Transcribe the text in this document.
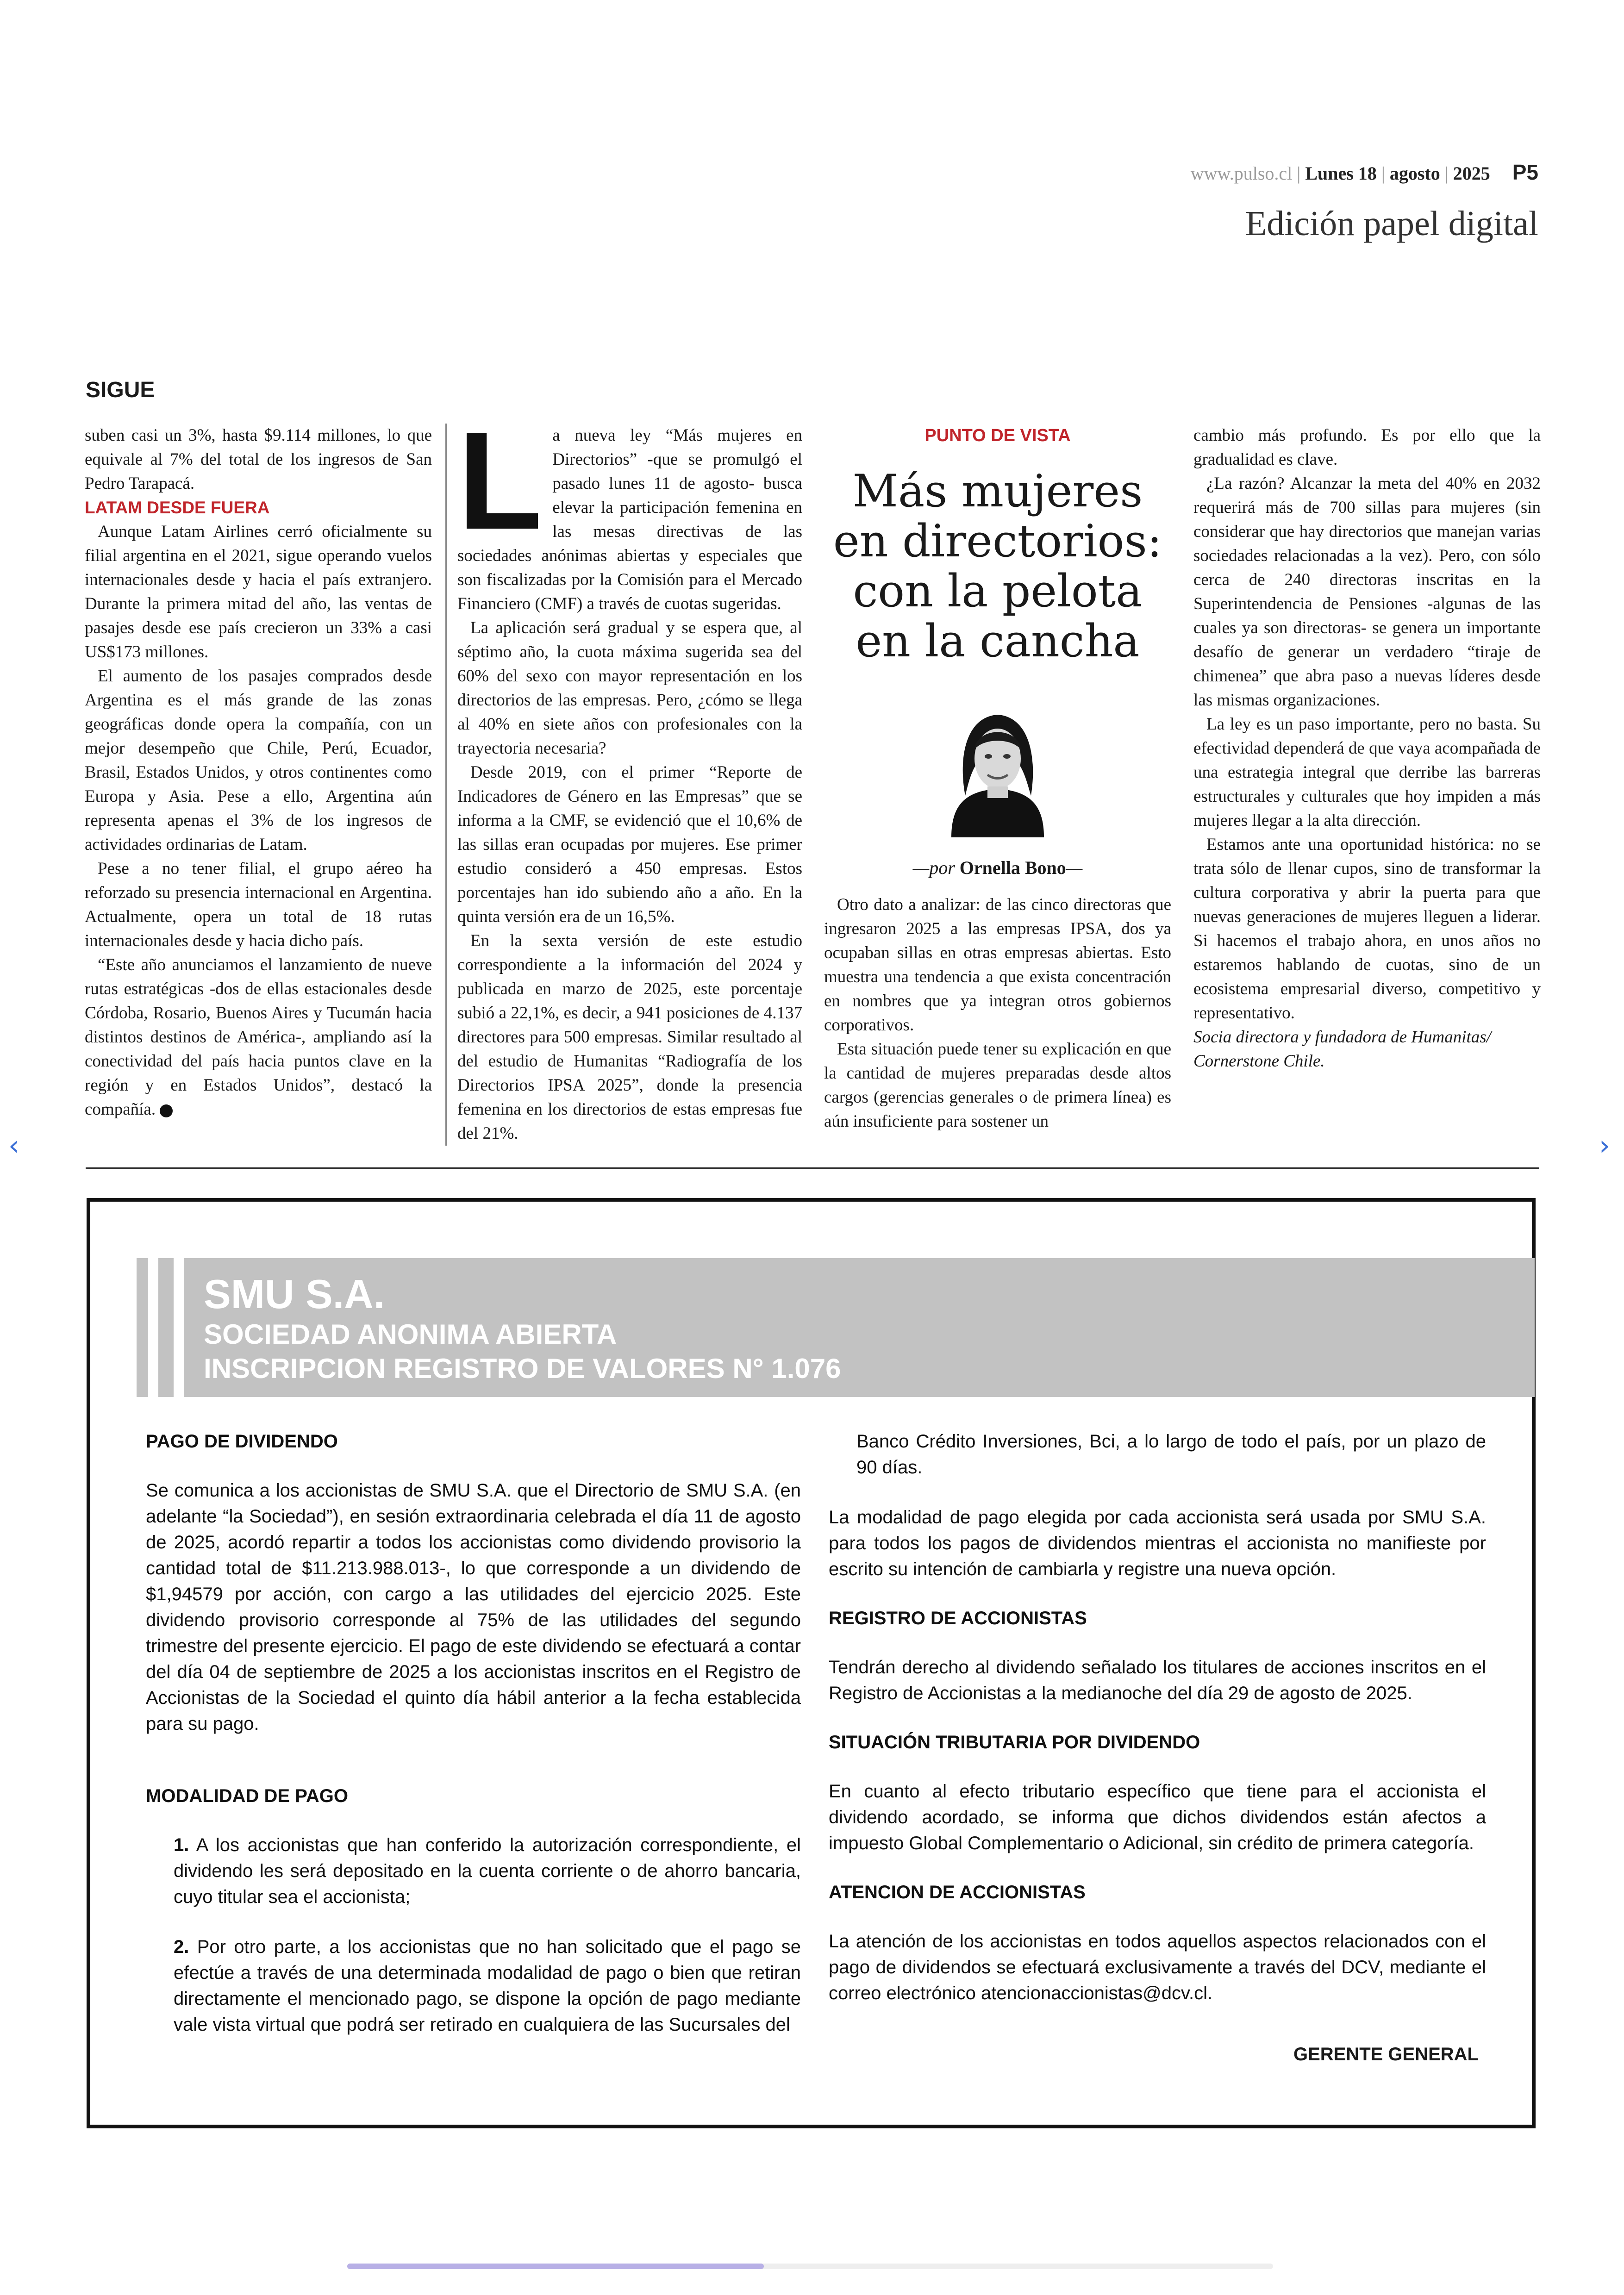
www.pulso.cl | Lunes 18 | agosto | 2025 P5
Edición papel digital
SIGUE

suben casi un 3%, hasta $9.114 millones, lo que equivale al 7% del total de los ingresos de San Pedro Tarapacá.

LATAM DESDE FUERA

Aunque Latam Airlines cerró oficialmente su filial argentina en el 2021, sigue operando vuelos internacionales desde y hacia el país extranjero. Durante la primera mitad del año, las ventas de pasajes desde ese país crecieron un 33% a casi US$173 millones.

El aumento de los pasajes comprados desde Argentina es el más grande de las zonas geográficas donde opera la compañía, con un mejor desempeño que Chile, Perú, Ecuador, Brasil, Estados Unidos, y otros continentes como Europa y Asia. Pese a ello, Argentina aún representa apenas el 3% de los ingresos de actividades ordinarias de Latam.

Pese a no tener filial, el grupo aéreo ha reforzado su presencia internacional en Argentina. Actualmente, opera un total de 18 rutas internacionales desde y hacia dicho país.

“Este año anunciamos el lanzamiento de nueve rutas estratégicas -dos de ellas estacionales desde Córdoba, Rosario, Buenos Aires y Tucumán hacia distintos destinos de América-, ampliando así la conectividad del país hacia puntos clave en la región y en Estados Unidos”, destacó la compañía.

L a nueva ley “Más mujeres en Directorios” -que se promulgó el pasado lunes 11 de agosto- busca elevar la participación femenina en las mesas directivas de las sociedades anónimas abiertas y especiales que son fiscalizadas por la Comisión para el Mercado Financiero (CMF) a través de cuotas sugeridas.

La aplicación será gradual y se espera que, al séptimo año, la cuota máxima sugerida sea del 60% del sexo con mayor representación en los directorios de las empresas. Pero, ¿cómo se llega al 40% en siete años con profesionales con la trayectoria necesaria?

Desde 2019, con el primer “Reporte de Indicadores de Género en las Empresas” que se informa a la CMF, se evidenció que el 10,6% de las sillas eran ocupadas por mujeres. Ese primer estudio consideró a 450 empresas. Estos porcentajes han ido subiendo año a año. En la quinta versión era de un 16,5%.

En la sexta versión de este estudio correspondiente a la información del 2024 y publicada en marzo de 2025, este porcentaje subió a 22,1%, es decir, a 941 posiciones de 4.137 directores para 500 empresas. Similar resultado al del estudio de Humanitas “Radiografía de los Directorios IPSA 2025”, donde la presencia femenina en los directorios de estas empresas fue del 21%.

PUNTO DE VISTA
Más mujeres en directorios: con la pelota en la cancha
—por Ornella Bono—

Otro dato a analizar: de las cinco directoras que ingresaron 2025 a las empresas IPSA, dos ya ocupaban sillas en otras empresas abiertas. Esto muestra una tendencia a que exista concentración en nombres que ya integran otros gobiernos corporativos.

Esta situación puede tener su explicación en que la cantidad de mujeres preparadas desde altos cargos (gerencias generales o de primera línea) es aún insuficiente para sostener un

cambio más profundo. Es por ello que la gradualidad es clave.

¿La razón? Alcanzar la meta del 40% en 2032 requerirá más de 700 sillas para mujeres (sin considerar que hay directorios que manejan varias sociedades relacionadas a la vez). Pero, con sólo cerca de 240 directoras inscritas en la Superintendencia de Pensiones -algunas de las cuales ya son directoras- se genera un importante desafío de generar un verdadero “tiraje de chimenea” que abra paso a nuevas líderes desde las mismas organizaciones.

La ley es un paso importante, pero no basta. Su efectividad dependerá de que vaya acompañada de una estrategia integral que derribe las barreras estructurales y culturales que hoy impiden a más mujeres llegar a la alta dirección.

Estamos ante una oportunidad histórica: no se trata sólo de llenar cupos, sino de transformar la cultura corporativa y abrir la puerta para que nuevas generaciones de mujeres lleguen a liderar. Si hacemos el trabajo ahora, en unos años no estaremos hablando de cuotas, sino de un ecosistema empresarial diverso, competitivo y representativo.

Socia directora y fundadora de Humanitas/ Cornerstone Chile.

SMU S.A.
SOCIEDAD ANONIMA ABIERTA
INSCRIPCION REGISTRO DE VALORES N° 1.076
PAGO DE DIVIDENDO

Se comunica a los accionistas de SMU S.A. que el Directorio de SMU S.A. (en adelante “la Sociedad”), en sesión extraordinaria celebrada el día 11 de agosto de 2025, acordó repartir a todos los accionistas como dividendo provisorio la cantidad total de $11.213.988.013-, lo que corresponde a un dividendo de $1,94579 por acción, con cargo a las utilidades del ejercicio 2025. Este dividendo provisorio corresponde al 75% de las utilidades del segundo trimestre del presente ejercicio. El pago de este dividendo se efectuará a contar del día 04 de septiembre de 2025 a los accionistas inscritos en el Registro de Accionistas de la Sociedad el quinto día hábil anterior a la fecha establecida para su pago.

MODALIDAD DE PAGO

1. A los accionistas que han conferido la autorización correspondiente, el dividendo les será depositado en la cuenta corriente o de ahorro bancaria, cuyo titular sea el accionista;

2. Por otro parte, a los accionistas que no han solicitado que el pago se efectúe a través de una determinada modalidad de pago o bien que retiran directamente el mencionado pago, se dispone la opción de pago mediante vale vista virtual que podrá ser retirado en cualquiera de las Sucursales del

Banco Crédito Inversiones, Bci, a lo largo de todo el país, por un plazo de 90 días.

La modalidad de pago elegida por cada accionista será usada por SMU S.A. para todos los pagos de dividendos mientras el accionista no manifieste por escrito su intención de cambiarla y registre una nueva opción.

REGISTRO DE ACCIONISTAS

Tendrán derecho al dividendo señalado los titulares de acciones inscritos en el Registro de Accionistas a la medianoche del día 29 de agosto de 2025.

SITUACIÓN TRIBUTARIA POR DIVIDENDO

En cuanto al efecto tributario específico que tiene para el accionista el dividendo acordado, se informa que dichos dividendos están afectos a impuesto Global Complementario o Adicional, sin crédito de primera categoría.

ATENCION DE ACCIONISTAS

La atención de los accionistas en todos aquellos aspectos relacionados con el pago de dividendos se efectuará exclusivamente a través del DCV, mediante el correo electrónico atencionaccionistas@dcv.cl.

GERENTE GENERAL
‹	›
